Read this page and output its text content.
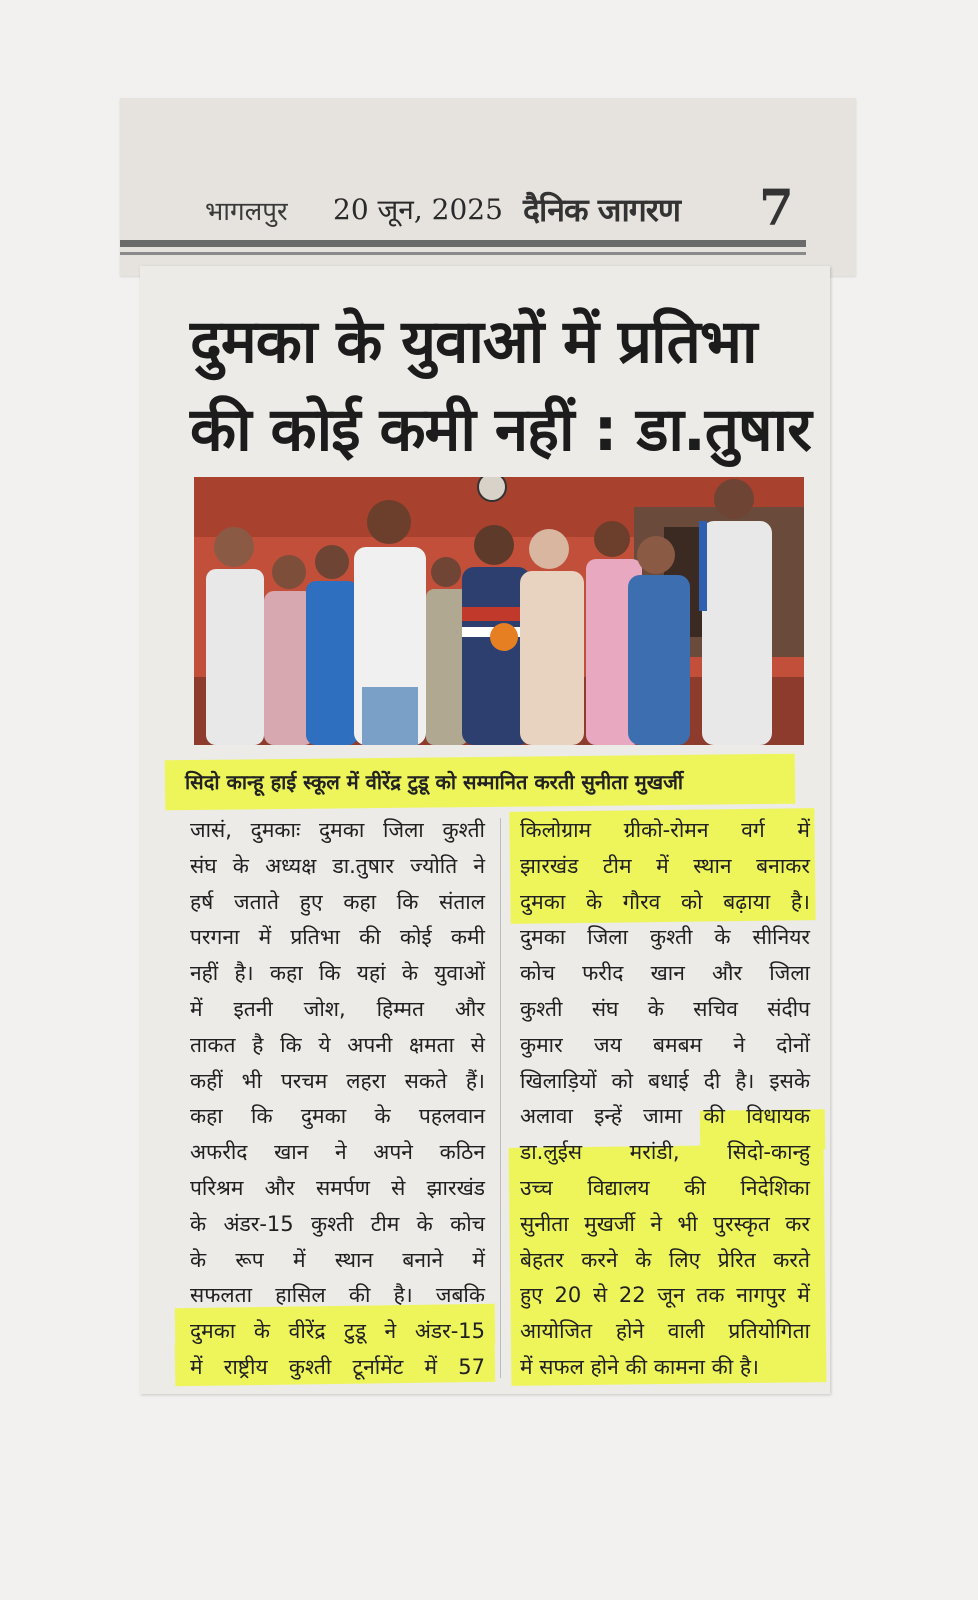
भागलपुर 20 जून, 2025 दैनिक जागरण 7
दुमका के युवाओं में प्रतिभा
की कोई कमी नहीं : डा.तुषार
सिदो कान्हू हाई स्कूल में वीरेंद्र टुडू को सम्मानित करती सुनीता मुखर्जी
जासं, दुमकाः दुमका जिला कुश्ती
संघ के अध्यक्ष डा.तुषार ज्योति ने
हर्ष जताते हुए कहा कि संताल
परगना में प्रतिभा की कोई कमी
नहीं है। कहा कि यहां के युवाओं
में इतनी जोश, हिम्मत और
ताकत है कि ये अपनी क्षमता से
कहीं भी परचम लहरा सकते हैं।
कहा कि दुमका के पहलवान
अफरीद खान ने अपने कठिन
परिश्रम और समर्पण से झारखंड
के अंडर-15 कुश्ती टीम के कोच
के रूप में स्थान बनाने में
सफलता हासिल की है। जबकि
दुमका के वीरेंद्र टुडू ने अंडर-15
में राष्ट्रीय कुश्ती टूर्नामेंट में 57
किलोग्राम ग्रीको-रोमन वर्ग में
झारखंड टीम में स्थान बनाकर
दुमका के गौरव को बढ़ाया है।
दुमका जिला कुश्ती के सीनियर
कोच फरीद खान और जिला
कुश्ती संघ के सचिव संदीप
कुमार जय बमबम ने दोनों
खिलाड़ियों को बधाई दी है। इसके
अलावा इन्हें जामा की विधायक
डा.लुईस मरांडी, सिदो-कान्हु
उच्च विद्यालय की निदेशिका
सुनीता मुखर्जी ने भी पुरस्कृत कर
बेहतर करने के लिए प्रेरित करते
हुए 20 से 22 जून तक नागपुर में
आयोजित होने वाली प्रतियोगिता
में सफल होने की कामना की है।
